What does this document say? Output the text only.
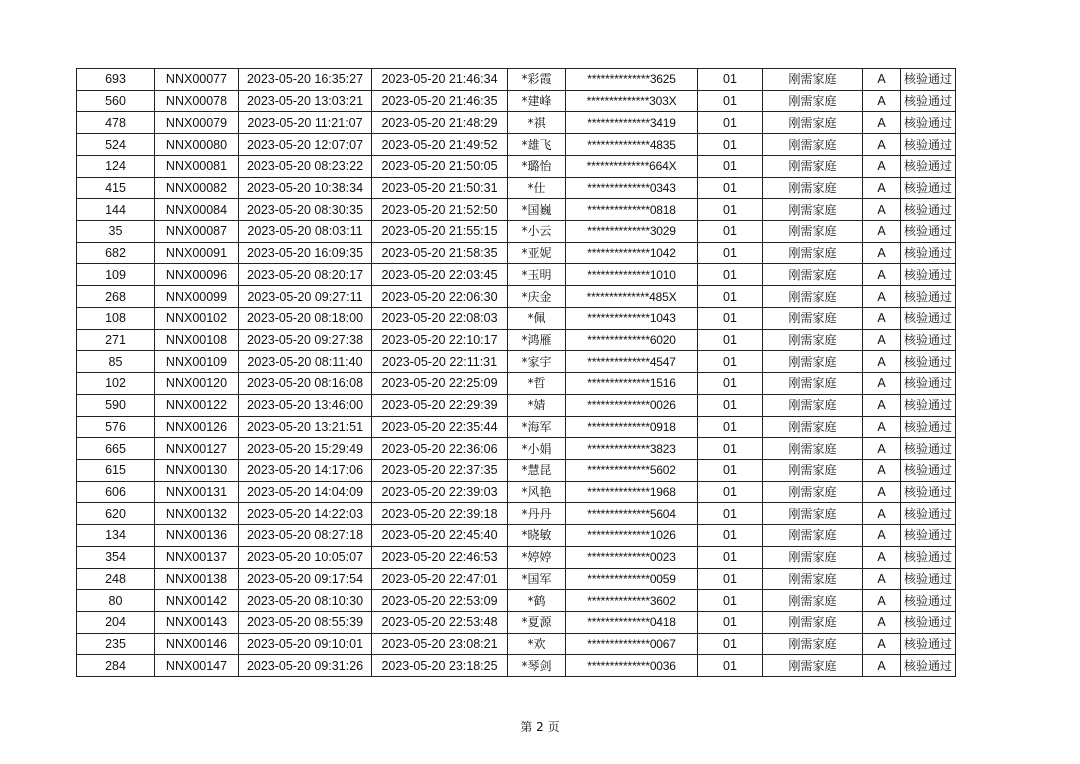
693	NNX00077	2023-05-20 16:35:27	2023-05-20 21:46:34	*彩霞	**************3625	01	刚需家庭	A	核验通过
560	NNX00078	2023-05-20 13:03:21	2023-05-20 21:46:35	*建峰	**************303X	01	刚需家庭	A	核验通过
478	NNX00079	2023-05-20 11:21:07	2023-05-20 21:48:29	*祺	**************3419	01	刚需家庭	A	核验通过
524	NNX00080	2023-05-20 12:07:07	2023-05-20 21:49:52	*雄飞	**************4835	01	刚需家庭	A	核验通过
124	NNX00081	2023-05-20 08:23:22	2023-05-20 21:50:05	*璐怡	**************664X	01	刚需家庭	A	核验通过
415	NNX00082	2023-05-20 10:38:34	2023-05-20 21:50:31	*仕	**************0343	01	刚需家庭	A	核验通过
144	NNX00084	2023-05-20 08:30:35	2023-05-20 21:52:50	*国巍	**************0818	01	刚需家庭	A	核验通过
35	NNX00087	2023-05-20 08:03:11	2023-05-20 21:55:15	*小云	**************3029	01	刚需家庭	A	核验通过
682	NNX00091	2023-05-20 16:09:35	2023-05-20 21:58:35	*亚妮	**************1042	01	刚需家庭	A	核验通过
109	NNX00096	2023-05-20 08:20:17	2023-05-20 22:03:45	*玉明	**************1010	01	刚需家庭	A	核验通过
268	NNX00099	2023-05-20 09:27:11	2023-05-20 22:06:30	*庆金	**************485X	01	刚需家庭	A	核验通过
108	NNX00102	2023-05-20 08:18:00	2023-05-20 22:08:03	*佩	**************1043	01	刚需家庭	A	核验通过
271	NNX00108	2023-05-20 09:27:38	2023-05-20 22:10:17	*鸿雁	**************6020	01	刚需家庭	A	核验通过
85	NNX00109	2023-05-20 08:11:40	2023-05-20 22:11:31	*家宇	**************4547	01	刚需家庭	A	核验通过
102	NNX00120	2023-05-20 08:16:08	2023-05-20 22:25:09	*哲	**************1516	01	刚需家庭	A	核验通过
590	NNX00122	2023-05-20 13:46:00	2023-05-20 22:29:39	*婧	**************0026	01	刚需家庭	A	核验通过
576	NNX00126	2023-05-20 13:21:51	2023-05-20 22:35:44	*海军	**************0918	01	刚需家庭	A	核验通过
665	NNX00127	2023-05-20 15:29:49	2023-05-20 22:36:06	*小娟	**************3823	01	刚需家庭	A	核验通过
615	NNX00130	2023-05-20 14:17:06	2023-05-20 22:37:35	*慧昆	**************5602	01	刚需家庭	A	核验通过
606	NNX00131	2023-05-20 14:04:09	2023-05-20 22:39:03	*风艳	**************1968	01	刚需家庭	A	核验通过
620	NNX00132	2023-05-20 14:22:03	2023-05-20 22:39:18	*丹丹	**************5604	01	刚需家庭	A	核验通过
134	NNX00136	2023-05-20 08:27:18	2023-05-20 22:45:40	*晓敏	**************1026	01	刚需家庭	A	核验通过
354	NNX00137	2023-05-20 10:05:07	2023-05-20 22:46:53	*婷婷	**************0023	01	刚需家庭	A	核验通过
248	NNX00138	2023-05-20 09:17:54	2023-05-20 22:47:01	*国军	**************0059	01	刚需家庭	A	核验通过
80	NNX00142	2023-05-20 08:10:30	2023-05-20 22:53:09	*鹤	**************3602	01	刚需家庭	A	核验通过
204	NNX00143	2023-05-20 08:55:39	2023-05-20 22:53:48	*夏源	**************0418	01	刚需家庭	A	核验通过
235	NNX00146	2023-05-20 09:10:01	2023-05-20 23:08:21	*欢	**************0067	01	刚需家庭	A	核验通过
284	NNX00147	2023-05-20 09:31:26	2023-05-20 23:18:25	*琴剑	**************0036	01	刚需家庭	A	核验通过
第 2 页
